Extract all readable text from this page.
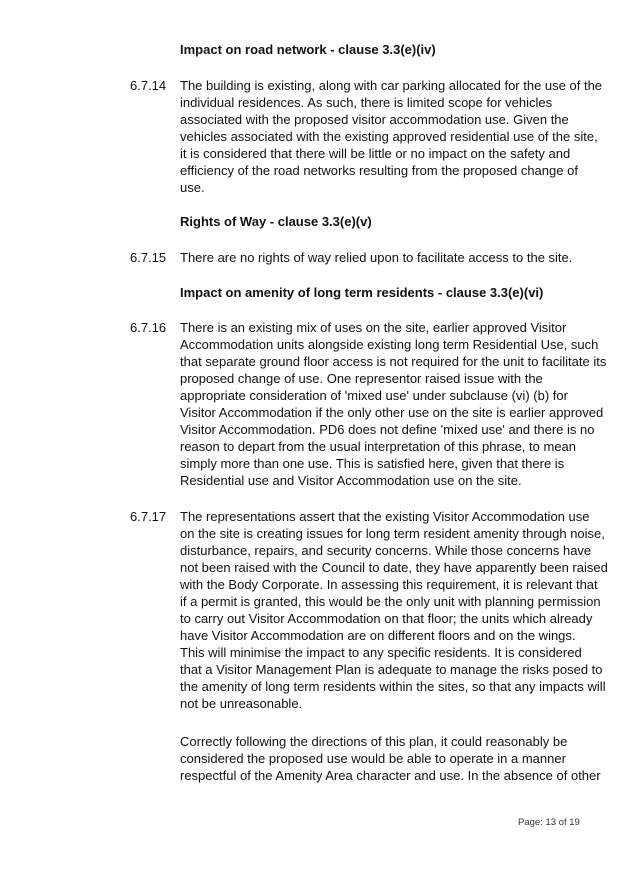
Impact on road network - clause 3.3(e)(iv)
6.7.14 The building is existing, along with car parking allocated for the use of the
individual residences. As such, there is limited scope for vehicles
associated with the proposed visitor accommodation use. Given the
vehicles associated with the existing approved residential use of the site,
it is considered that there will be little or no impact on the safety and
efficiency of the road networks resulting from the proposed change of
use.

Rights of Way - clause 3.3(e)(v)
6.7.15 There are no rights of way relied upon to facilitate access to the site.

Impact on amenity of long term residents - clause 3.3(e)(vi)
6.7.16 There is an existing mix of uses on the site, earlier approved Visitor
Accommodation units alongside existing long term Residential Use, such
that separate ground floor access is not required for the unit to facilitate its
proposed change of use. One representor raised issue with the
appropriate consideration of 'mixed use' under subclause (vi) (b) for
Visitor Accommodation if the only other use on the site is earlier approved
Visitor Accommodation. PD6 does not define 'mixed use' and there is no
reason to depart from the usual interpretation of this phrase, to mean
simply more than one use. This is satisfied here, given that there is
Residential use and Visitor Accommodation use on the site.

6.7.17 The representations assert that the existing Visitor Accommodation use
on the site is creating issues for long term resident amenity through noise,
disturbance, repairs, and security concerns. While those concerns have
not been raised with the Council to date, they have apparently been raised
with the Body Corporate. In assessing this requirement, it is relevant that
if a permit is granted, this would be the only unit with planning permission
to carry out Visitor Accommodation on that floor; the units which already
have Visitor Accommodation are on different floors and on the wings.
This will minimise the impact to any specific residents. It is considered
that a Visitor Management Plan is adequate to manage the risks posed to
the amenity of long term residents within the sites, so that any impacts will
not be unreasonable.

Correctly following the directions of this plan, it could reasonably be
considered the proposed use would be able to operate in a manner
respectful of the Amenity Area character and use. In the absence of other

Page: 13 of 19
